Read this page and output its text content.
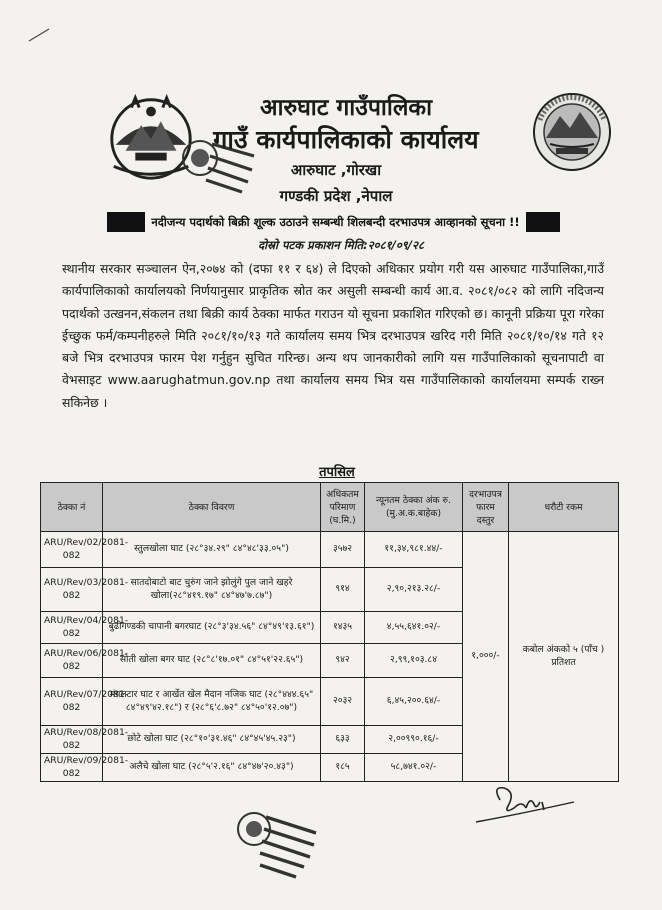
आरुघाट गाउँपालिका
गाउँ कार्यपालिकाको कार्यालय
आरुघाट ,गोरखा
गण्डकी प्रदेश ,नेपाल
नदीजन्य पदार्थको बिक्री शूल्क उठाउने सम्बन्धी शिलबन्दी दरभाउपत्र आव्हानको सूचना !!
दोस्रो पटक प्रकाशन मिति:२०८१/०९/२८
स्थानीय सरकार सञ्चालन ऐन,२०७४ को (दफा ११ र ६४) ले दिएको अधिकार प्रयोग गरी यस आरुघाट गाउँपालिका,गाउँ कार्यपालिकाको कार्यालयको निर्णयानुसार प्राकृतिक स्रोत कर असुली सम्बन्धी कार्य आ.व. २०८१/०८२ को लागि नदिजन्य पदार्थको उत्खनन,संकलन तथा बिक्री कार्य ठेक्का मार्फत गराउन यो सूचना प्रकाशित गरिएको छ। कानूनी प्रक्रिया पूरा गरेका ईच्छुक फर्म/कम्पनीहरुले मिति २०८१/१०/१३ गते कार्यालय समय भित्र दरभाउपत्र खरिद गरी मिति २०८१/१०/१४ गते १२ बजे भित्र दरभाउपत्र फारम पेश गर्नुहुन सुचित गरिन्छ। अन्य थप जानकारीको लागि यस गाउँपालिकाको सूचनापाटी वा वेभसाइट www.aarughatmun.gov.np तथा कार्यालय समय भित्र यस गाउँपालिकाको कार्यालयमा सम्पर्क राख्न सकिनेछ ।
तपसिल
ठेक्का नं	ठेक्का विवरण	अधिकतम परिमाण (घ.मि.)	न्यूनतम ठेक्का अंक रु. (मु.अ.क.बाहेक)	दरभाउपत्र फारम दस्तुर	धरौटी रकम
ARU/Rev/02/2081-082	स्तुलखोला घाट (२८°३४.२९" ८४°४८'३३.०५")	३५७२	११,३४,९८१.४४/-	१,०००/-	कबोल अंकको ५ (पाँच ) प्रतिशत
ARU/Rev/03/2081-082	सातदोबाटो बाट चुरुंग जाने झोलुंगे पुल जाने खहरे खोला(२८°४१९.१७" ८४°४७'७.८७")	९१४	२,९०,२१३.२८/-		
ARU/Rev/04/2081-082	बुढीगण्डकी चापानी बगरघाट (२८°३'३४.५६" ८४°४९'१३.६१")	१४३५	४,५५,६४१.०२/-		
ARU/Rev/06/2081-082	सोती खोला बगर घाट (२८°८'१७.०१" ८४°५१'२२.६५")	९४२	२,९९,१०३.८४		
ARU/Rev/07/2081-082	मंगलटार घाट र आर्खेत खेल मैदान नजिक घाट (२८°४४४.६५" ८४°४९'४२.१८") र (२८°६'८.७२" ८४°५०'१२.०७")	२०३२	६,४५,२००.६४/-		
ARU/Rev/08/2081-082	छोटे खोला घाट (२८°१०'३१.४६" ८४°४५'४५.२३")	६३३	२,००९९०.१६/-		
ARU/Rev/09/2081-082	अलैचे खोला घाट (२८°५'२.१६" ८४°४७'२०.४३")	१८५	५८,७४१.०२/-		
